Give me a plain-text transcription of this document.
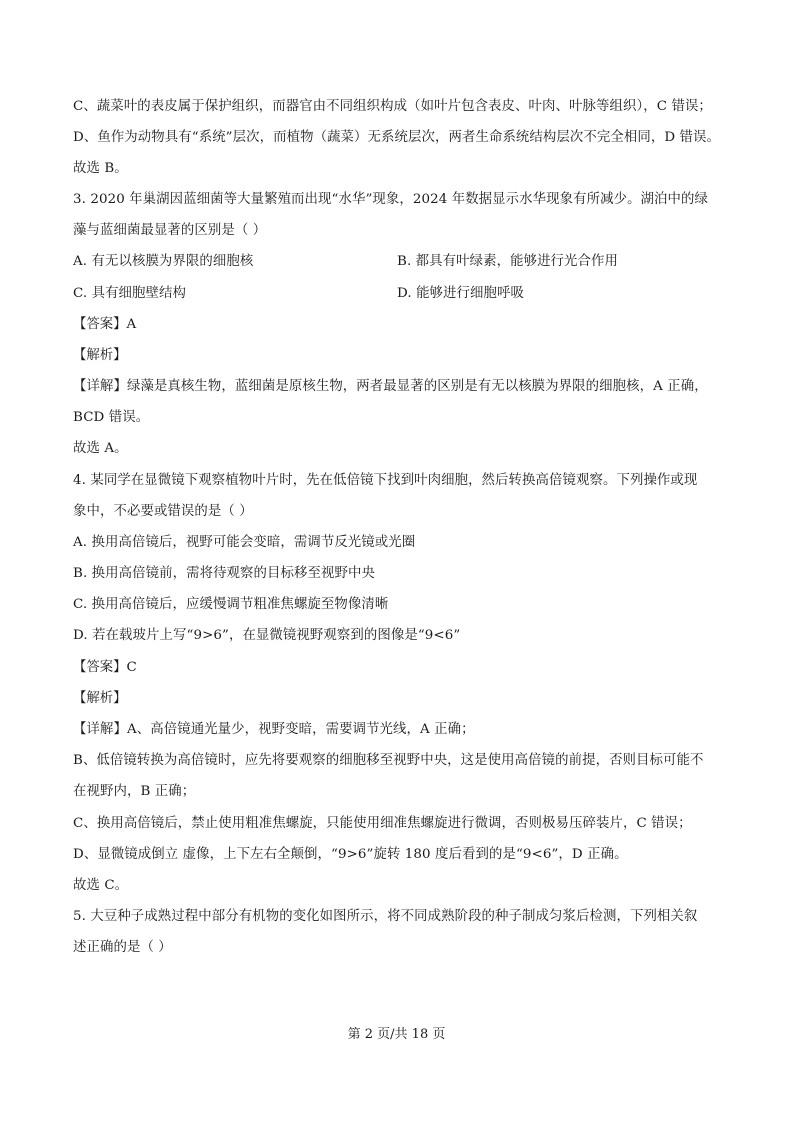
C、蔬菜叶的表皮属于保护组织，而器官由不同组织构成（如叶片包含表皮、叶肉、叶脉等组织），C 错误；
D、鱼作为动物具有“系统”层次，而植物（蔬菜）无系统层次，两者生命系统结构层次不完全相同，D 错误。
故选 B。
3. 2020 年巢湖因蓝细菌等大量繁殖而出现“水华”现象，2024 年数据显示水华现象有所减少。湖泊中的绿
藻与蓝细菌最显著的区别是（ ）
A. 有无以核膜为界限的细胞核	B. 都具有叶绿素，能够进行光合作用
C. 具有细胞壁结构	D. 能够进行细胞呼吸
【答案】A
【解析】
【详解】绿藻是真核生物，蓝细菌是原核生物，两者最显著的区别是有无以核膜为界限的细胞核，A 正确，
BCD 错误。
故选 A。
4. 某同学在显微镜下观察植物叶片时，先在低倍镜下找到叶肉细胞，然后转换高倍镜观察。下列操作或现
象中，不必要或错误的是（ ）
A. 换用高倍镜后，视野可能会变暗，需调节反光镜或光圈
B. 换用高倍镜前，需将待观察的目标移至视野中央
C. 换用高倍镜后，应缓慢调节粗准焦螺旋至物像清晰
D. 若在载玻片上写“9>6”，在显微镜视野观察到的图像是“9<6”
【答案】C
【解析】
【详解】A、高倍镜通光量少，视野变暗，需要调节光线，A 正确；
B、低倍镜转换为高倍镜时，应先将要观察的细胞移至视野中央，这是使用高倍镜的前提，否则目标可能不
在视野内，B 正确；
C、换用高倍镜后，禁止使用粗准焦螺旋，只能使用细准焦螺旋进行微调，否则极易压碎装片，C 错误；
D、显微镜成倒立 虚像，上下左右全颠倒，“9>6”旋转 180 度后看到的是“9<6”，D 正确。
故选 C。
5. 大豆种子成熟过程中部分有机物的变化如图所示，将不同成熟阶段的种子制成匀浆后检测，下列相关叙
述正确的是（ ）
第 2 页/共 18 页
